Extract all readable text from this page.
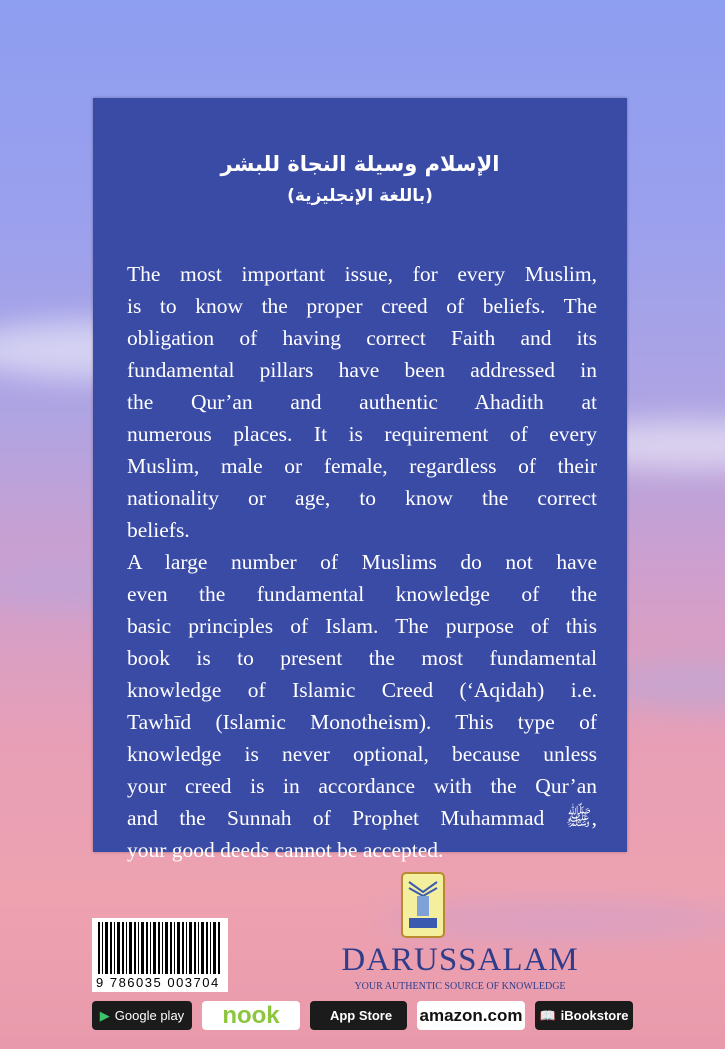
الإسلام وسيلة النجاة للبشر
(باللغة الإنجليزية)
The most important issue, for every Muslim,
is to know the proper creed of beliefs. The
obligation of having correct Faith and its
fundamental pillars have been addressed in
the Qur’an and authentic Ahadith at
numerous places. It is requirement of every
Muslim, male or female, regardless of their
nationality or age, to know the correct
beliefs.
A large number of Muslims do not have
even the fundamental knowledge of the
basic principles of Islam. The purpose of this
book is to present the most fundamental
knowledge of Islamic Creed (‘Aqidah) i.e.
Tawhīd (Islamic Monotheism). This type of
knowledge is never optional, because unless
your creed is in accordance with the Qur’an
and the Sunnah of Prophet Muhammad ﷺ,
your good deeds cannot be accepted.
9 786035 003704
DARUSSALAM
YOUR AUTHENTIC SOURCE OF KNOWLEDGE
▶ Google play nook	App Store amazon.com 📖 iBookstore
